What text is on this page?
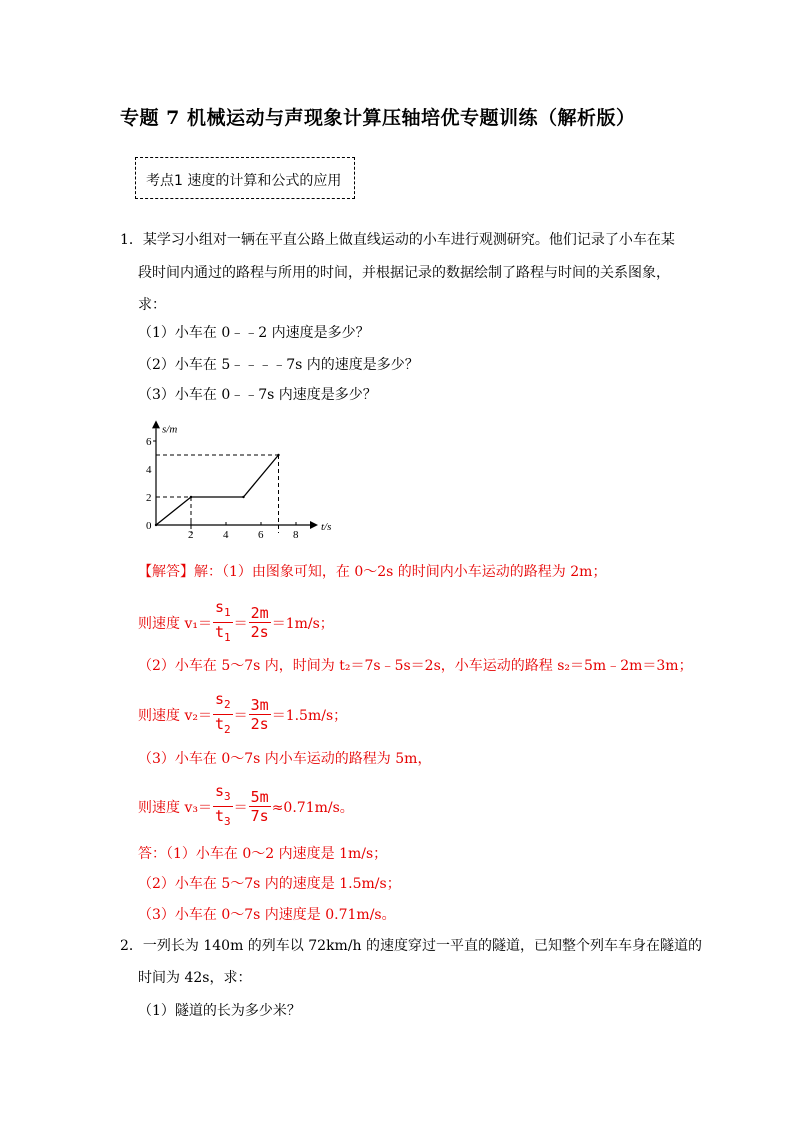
专题 7 机械运动与声现象计算压轴培优专题训练（解析版）
考点1 速度的计算和公式的应用
1．某学习小组对一辆在平直公路上做直线运动的小车进行观测研究。他们记录了小车在某
段时间内通过的路程与所用的时间，并根据记录的数据绘制了路程与时间的关系图象，
求：
（1）小车在 0﹣﹣2 内速度是多少？
（2）小车在 5﹣﹣﹣﹣7s 内的速度是多少？
（3）小车在 0﹣﹣7s 内速度是多少？
s/m
t/s
2	4	6	8
0
2
4
6
【解答】解：（1）由图象可知，在 0～2s 的时间内小车运动的路程为 2m；
则速度 $v_1= \frac{s_1}{t_1} = \frac{2m}{2s} =1m/s$；
（2）小车在 5～7s 内，时间为 t₂＝7s﹣5s＝2s，小车运动的路程 s₂＝5m﹣2m＝3m；
则速度 $v_2= \frac{s_2}{t_2} = \frac{3m}{2s} =1.5m/s$；
（3）小车在 0～7s 内小车运动的路程为 5m，
则速度 $v_3= \frac{s_3}{t_3} = \frac{5m}{7s} \approx 0.71m/s$。
答：（1）小车在 0～2 内速度是 1m/s；
（2）小车在 5～7s 内的速度是 1.5m/s；
（3）小车在 0～7s 内速度是 0.71m/s。
2．一列长为 140m 的列车以 72km/h 的速度穿过一平直的隧道，已知整个列车车身在隧道的
时间为 42s，求：
（1）隧道的长为多少米？
